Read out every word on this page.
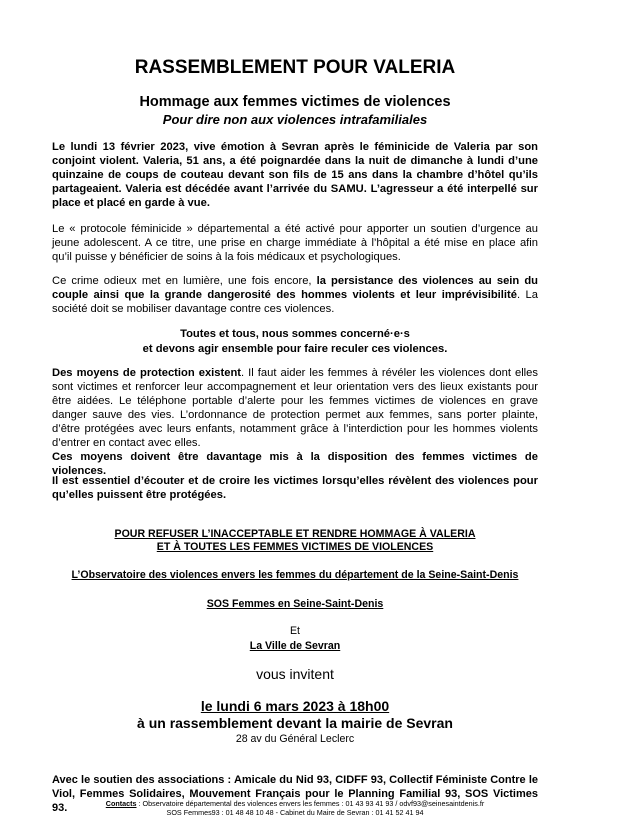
RASSEMBLEMENT POUR VALERIA
Hommage aux femmes victimes de violences
Pour dire non aux violences intrafamiliales

Le lundi 13 février 2023, vive émotion à Sevran après le féminicide de Valeria par son conjoint violent. Valeria, 51 ans, a été poignardée dans la nuit de dimanche à lundi d’une quinzaine de coups de couteau devant son fils de 15 ans dans la chambre d’hôtel qu’ils partageaient. Valeria est décédée avant l’arrivée du SAMU. L’agresseur a été interpellé sur place et placé en garde à vue.

Le « protocole féminicide » départemental a été activé pour apporter un soutien d’urgence au jeune adolescent. A ce titre, une prise en charge immédiate à l’hôpital a été mise en place afin qu’il puisse y bénéficier de soins à la fois médicaux et psychologiques.

Ce crime odieux met en lumière, une fois encore, la persistance des violences au sein du couple ainsi que la grande dangerosité des hommes violents et leur imprévisibilité. La société doit se mobiliser davantage contre ces violences.

Toutes et tous, nous sommes concerné·e·s
et devons agir ensemble pour faire reculer ces violences.

Des moyens de protection existent. Il faut aider les femmes à révéler les violences dont elles sont victimes et renforcer leur accompagnement et leur orientation vers des lieux existants pour être aidées. Le téléphone portable d’alerte pour les femmes victimes de violences en grave danger sauve des vies. L’ordonnance de protection permet aux femmes, sans porter plainte, d’être protégées avec leurs enfants, notamment grâce à l’interdiction pour les hommes violents d’entrer en contact avec elles.
Ces moyens doivent être davantage mis à la disposition des femmes victimes de violences.

Il est essentiel d’écouter et de croire les victimes lorsqu’elles révèlent des violences pour qu’elles puissent être protégées.

POUR REFUSER L’INACCEPTABLE ET RENDRE HOMMAGE À VALERIA
ET À TOUTES LES FEMMES VICTIMES DE VIOLENCES
L’Observatoire des violences envers les femmes du département de la Seine-Saint-Denis
SOS Femmes en Seine-Saint-Denis
Et
La Ville de Sevran
vous invitent
le lundi 6 mars 2023 à 18h00
à un rassemblement devant la mairie de Sevran
28 av du Général Leclerc

Avec le soutien des associations : Amicale du Nid 93, CIDFF 93, Collectif Féministe Contre le Viol, Femmes Solidaires, Mouvement Français pour le Planning Familial 93, SOS Victimes 93.	Contacts : Observatoire départemental des violences envers les femmes : 01 43 93 41 93 / odvf93@seinesaintdenis.fr
SOS Femmes93 : 01 48 48 10 48 - Cabinet du Maire de Sevran : 01 41 52 41 94
